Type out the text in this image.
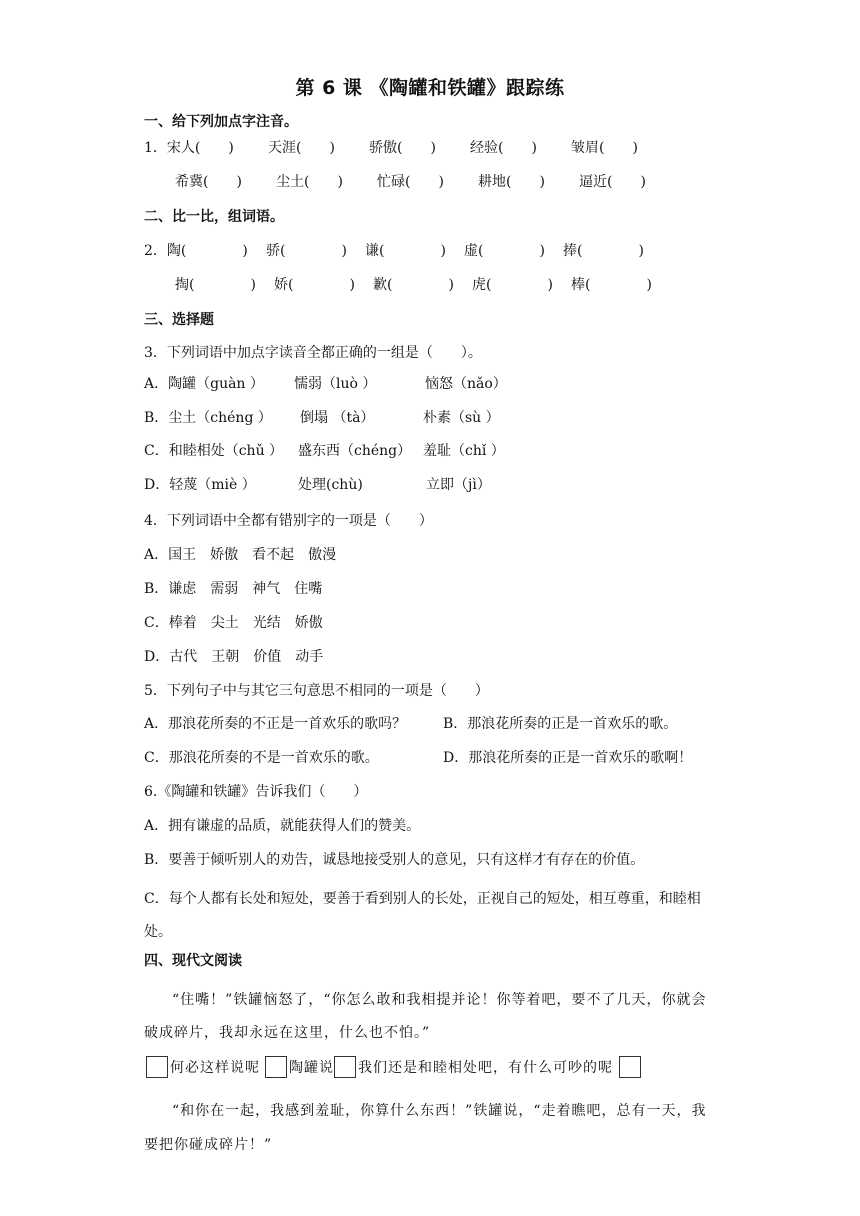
第 6 课 《陶罐和铁罐》跟踪练
一、给下列加点字注音。
1．宋人(　　) 天涯(　　) 骄傲(　　) 经验(　　) 皱眉(　　)
希冀(　　) 尘土(　　) 忙碌(　　) 耕地(　　) 逼近(　　)
二、比一比，组词语。
2．陶(　　　　) 骄(　　　　) 谦(　　　　) 虚(　　　　) 捧(　　　　)
掏(　　　　) 娇(　　　　) 歉(　　　　) 虎(　　　　) 棒(　　　　)
三、选择题
3．下列词语中加点字读音全都正确的一组是（　　）。
A．陶罐（guàn ） 懦弱（luò ）	恼怒（nǎo）
B．尘土（chéng ） 倒塌 （tà）	朴素（sù ）
C．和睦相处（chǔ ） 盛东西（chéng） 羞耻（chǐ ）
D．轻蔑（miè ）	处理(chù)	立即（jì）
4．下列词语中全都有错别字的一项是（　　）
A．国王　娇傲　看不起　傲漫
B．谦虑　需弱　神气　住嘴
C．棒着　尖土　光结　娇傲
D．古代　王朝　价值　动手
5．下列句子中与其它三句意思不相同的一项是（　　）
A．那浪花所奏的不正是一首欢乐的歌吗？	B．那浪花所奏的正是一首欢乐的歌。
C．那浪花所奏的不是一首欢乐的歌。	D．那浪花所奏的正是一首欢乐的歌啊！
6.《陶罐和铁罐》告诉我们（　　）
A．拥有谦虚的品质，就能获得人们的赞美。
B．要善于倾听别人的劝告，诚恳地接受别人的意见，只有这样才有存在的价值。
C．每个人都有长处和短处，要善于看到别人的长处，正视自己的短处，相互尊重，和睦相处。
四、现代文阅读
“住嘴！”铁罐恼怒了，“你怎么敢和我相提并论！你等着吧，要不了几天，你就会破成碎片，我却永远在这里，什么也不怕。”
何必这样说呢 陶罐说 我们还是和睦相处吧，有什么可吵的呢
“和你在一起，我感到羞耻，你算什么东西！”铁罐说，“走着瞧吧，总有一天，我要把你碰成碎片！”
